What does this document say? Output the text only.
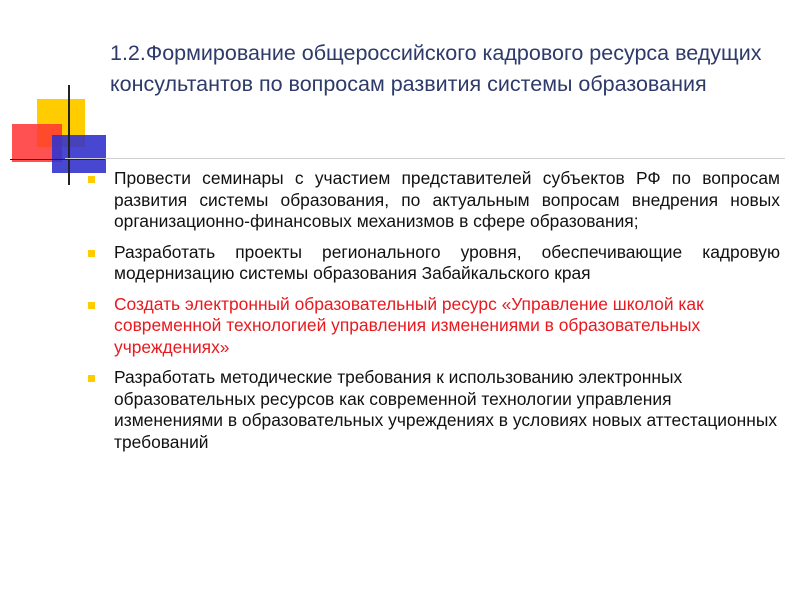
1.2.Формирование общероссийского кадрового ресурса ведущих консультантов по вопросам развития системы образования
Провести семинары с участием представителей субъектов РФ по вопросам развития системы образования, по актуальным вопросам внедрения новых организационно-финансовых механизмов в сфере образования;
Разработать проекты регионального уровня, обеспечивающие кадровую модернизацию системы образования Забайкальского края
Создать электронный образовательный ресурс «Управление школой как современной технологией управления изменениями в образовательных учреждениях»
Разработать методические требования к использованию электронных образовательных ресурсов как современной технологии управления изменениями в образовательных учреждениях в условиях новых аттестационных требований
